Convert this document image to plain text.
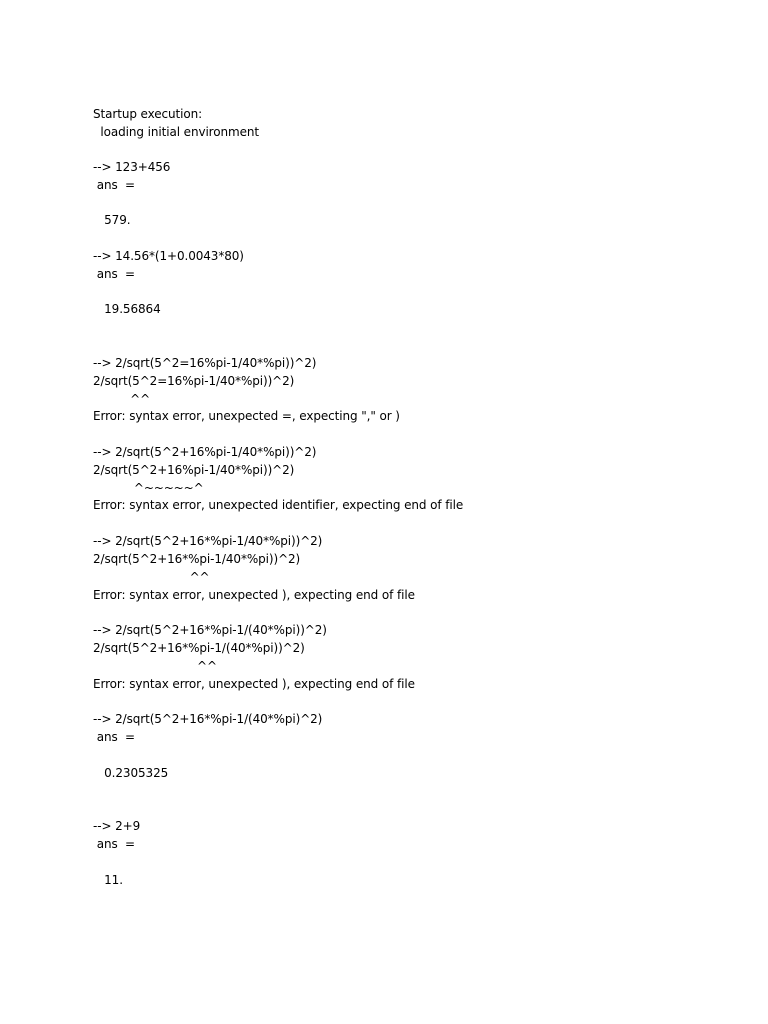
Startup execution:

loading initial environment

--> 123+456

ans  =

579.

--> 14.56*(1+0.0043*80)

ans  =

19.56864

--> 2/sqrt(5^2=16%pi-1/40*%pi))^2)

2/sqrt(5^2=16%pi-1/40*%pi))^2)

^^

Error: syntax error, unexpected =, expecting "," or )

--> 2/sqrt(5^2+16%pi-1/40*%pi))^2)

2/sqrt(5^2+16%pi-1/40*%pi))^2)

^~~~~~^

Error: syntax error, unexpected identifier, expecting end of file

--> 2/sqrt(5^2+16*%pi-1/40*%pi))^2)

2/sqrt(5^2+16*%pi-1/40*%pi))^2)

^^

Error: syntax error, unexpected ), expecting end of file

--> 2/sqrt(5^2+16*%pi-1/(40*%pi))^2)

2/sqrt(5^2+16*%pi-1/(40*%pi))^2)

^^

Error: syntax error, unexpected ), expecting end of file

--> 2/sqrt(5^2+16*%pi-1/(40*%pi)^2)

ans  =

0.2305325

--> 2+9

ans  =

11.
